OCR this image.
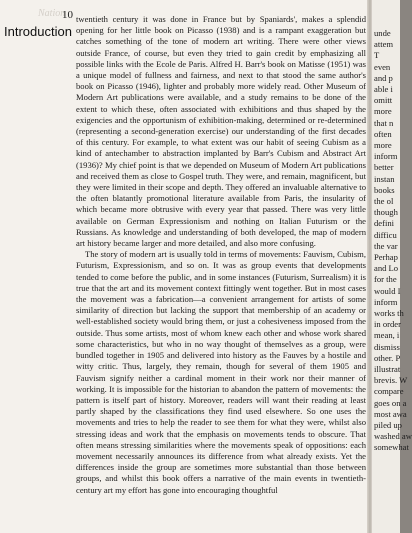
Nation
10
Introduction

twentieth century it was done in France but by Spaniards', makes a splendid opening for her little book on Picasso (1938) and is a rampant exaggeration but catches something of the tone of modern art writing. There were other views outside France, of course, but even they tried to gain credit by emphasizing all possible links with the Ecole de Paris. Alfred H. Barr's book on Matisse (1951) was a unique model of fullness and fairness, and next to that stood the same author's book on Picasso (1946), lighter and probably more widely read. Other Museum of Modern Art publications were available, and a study remains to be done of the extent to which these, often associated with exhibitions and thus shaped by the exigencies and the opportunism of exhibition-making, determined or re-determined (representing a second-generation exercise) our understanding of the first decades of this century. For example, to what extent was our habit of seeing Cubism as a kind of antechamber to abstraction implanted by Barr's Cubism and Abstract Art (1936)? My chief point is that we depended on Museum of Modern Art publications and received them as close to Gospel truth. They were, and remain, magnificent, but they were limited in their scope and depth. They offered an invaluable alternative to the often blatantly promotional literature available from Paris, the insularity of which became more obtrusive with every year that passed. There was very little available on German Expressionism and nothing on Italian Futurism or the Russians. As knowledge and understanding of both developed, the map of modern art history became larger and more detailed, and also more confusing.

The story of modern art is usually told in terms of movements: Fauvism, Cubism, Futurism, Expressionism, and so on. It was as group events that developments tended to come before the public, and in some instances (Futurism, Surrealism) it is true that the art and its movement context fittingly went together. But in most cases the movement was a fabrication—a convenient arrangement for artists of some similarity of direction but lacking the support that membership of an academy or well-established society would bring them, or just a cohesiveness imposed from the outside. Thus some artists, most of whom knew each other and whose work shared some characteristics, but who in no way thought of themselves as a group, were bundled together in 1905 and delivered into history as the Fauves by a hostile and witty critic. Thus, largely, they remain, though for several of them 1905 and Fauvism signify neither a cardinal moment in their work nor their manner of working. It is impossible for the historian to abandon the pattern of movements: the pattern is itself part of history. Moreover, readers will want their reading at least partly shaped by the classifications they find used elsewhere. So one uses the movements and tries to help the reader to see them for what they were, whilst also stressing ideas and work that the emphasis on movements tends to obscure. That often means stressing similarities where the movements speak of oppositions: each movement necessarily announces its difference from what already exists. Yet the differences inside the group are sometimes more substantial than those between groups, and whilst this book offers a narrative of the main events in twentieth-century art my effort has gone into encouraging thoughtful

unde
attem
T
even
and p
able i
omitt
more
that n
often
more
inform
better
instan
books
the ol
though
defini
difficu
the var
Perhap
and Lo
for the
would I
inform
works th
in order
mean, i
dismiss
other. P
illustrat
brevis. W
compare
goes on a
most awa
piled up
washed aw
somewhat
